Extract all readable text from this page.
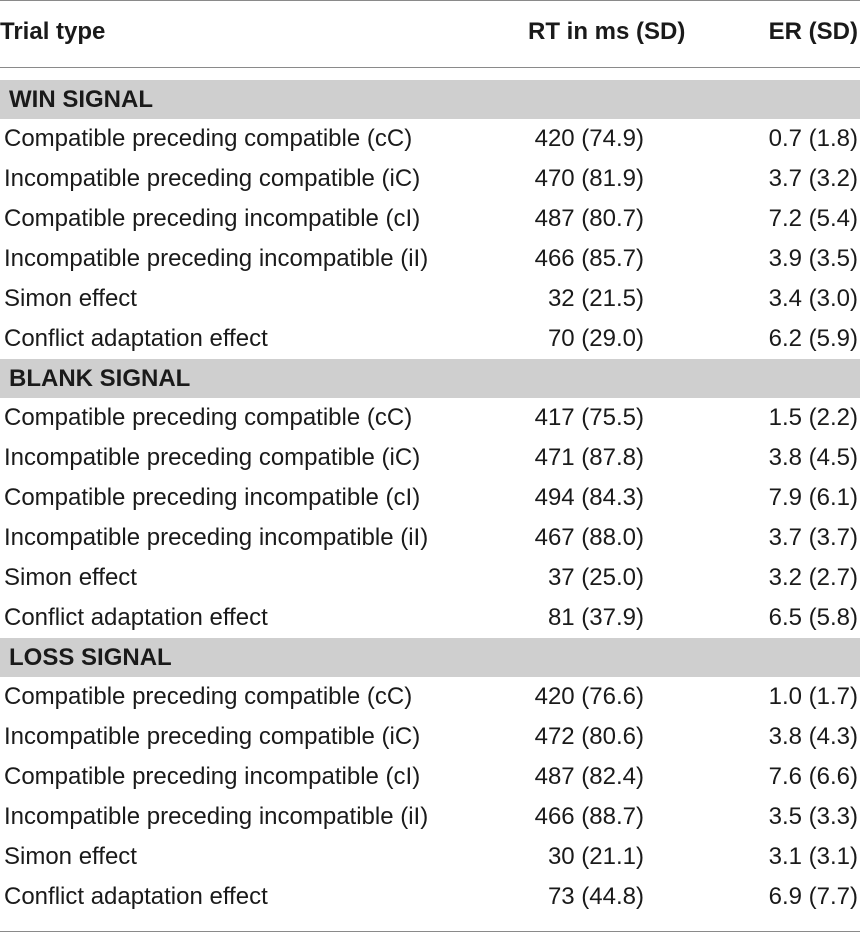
Trial type	RT in ms (SD)	ER (SD)
WIN SIGNAL
Compatible preceding compatible (cC)	420 (74.9)	0.7 (1.8)
Incompatible preceding compatible (iC)	470 (81.9)	3.7 (3.2)
Compatible preceding incompatible (cI)	487 (80.7)	7.2 (5.4)
Incompatible preceding incompatible (iI)	466 (85.7)	3.9 (3.5)
Simon effect	32 (21.5)	3.4 (3.0)
Conflict adaptation effect	70 (29.0)	6.2 (5.9)
BLANK SIGNAL
Compatible preceding compatible (cC)	417 (75.5)	1.5 (2.2)
Incompatible preceding compatible (iC)	471 (87.8)	3.8 (4.5)
Compatible preceding incompatible (cI)	494 (84.3)	7.9 (6.1)
Incompatible preceding incompatible (iI)	467 (88.0)	3.7 (3.7)
Simon effect	37 (25.0)	3.2 (2.7)
Conflict adaptation effect	81 (37.9)	6.5 (5.8)
LOSS SIGNAL
Compatible preceding compatible (cC)	420 (76.6)	1.0 (1.7)
Incompatible preceding compatible (iC)	472 (80.6)	3.8 (4.3)
Compatible preceding incompatible (cI)	487 (82.4)	7.6 (6.6)
Incompatible preceding incompatible (iI)	466 (88.7)	3.5 (3.3)
Simon effect	30 (21.1)	3.1 (3.1)
Conflict adaptation effect	73 (44.8)	6.9 (7.7)
